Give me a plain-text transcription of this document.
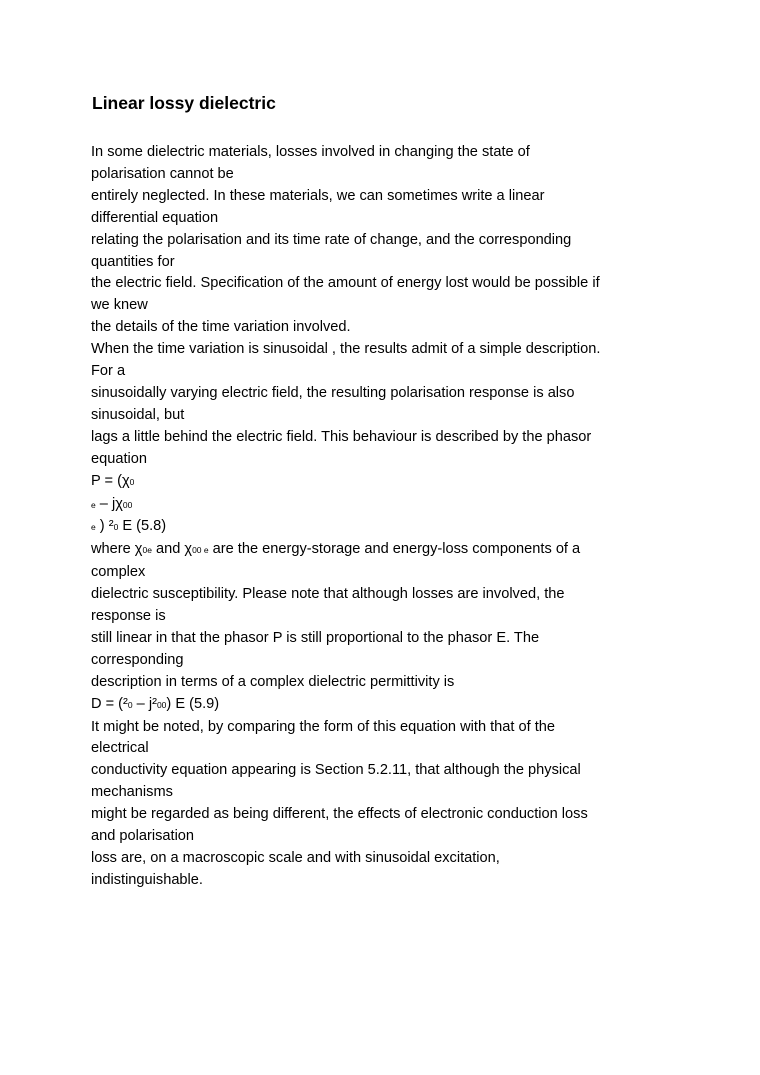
Linear lossy dielectric
In some dielectric materials, losses involved in changing the state of
polarisation cannot be
entirely neglected. In these materials, we can sometimes write a linear
differential equation
relating the polarisation and its time rate of change, and the corresponding
quantities for
the electric field. Specification of the amount of energy lost would be possible if
we knew
the details of the time variation involved.
When the time variation is sinusoidal , the results admit of a simple description.
For a
sinusoidally varying electric field, the resulting polarisation response is also
sinusoidal, but
lags a little behind the electric field. This behaviour is described by the phasor
equation
P = (χ0
e – jχ00
e ) ²0 E (5.8)
where χ0e and χ00 e are the energy-storage and energy-loss components of a
complex
dielectric susceptibility. Please note that although losses are involved, the
response is
still linear in that the phasor P is still proportional to the phasor E. The
corresponding
description in terms of a complex dielectric permittivity is
D = (²0 – j²00) E (5.9)
It might be noted, by comparing the form of this equation with that of the
electrical
conductivity equation appearing is Section 5.2.11, that although the physical
mechanisms
might be regarded as being different, the effects of electronic conduction loss
and polarisation
loss are, on a macroscopic scale and with sinusoidal excitation,
indistinguishable.
